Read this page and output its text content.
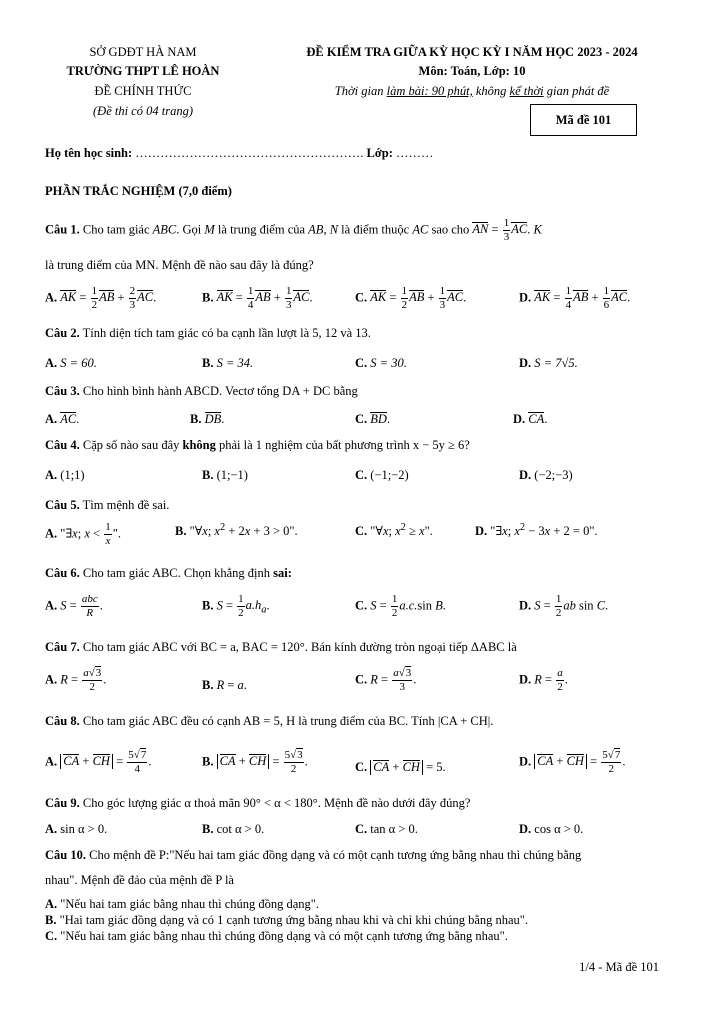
SỞ GDĐT HÀ NAM
TRƯỜNG THPT LÊ HOÀN
ĐỀ CHÍNH THỨC
(Đề thi có 04 trang)
ĐỀ KIỂM TRA GIỮA KỲ HỌC KỲ I NĂM HỌC 2023 - 2024
Môn: Toán, Lớp: 10
Thời gian làm bài: 90 phút, không kể thời gian phát đề
Mã đề 101
Họ tên học sinh: ………………………………………………. Lớp: ………
PHẦN TRẮC NGHIỆM (7,0 điểm)
Câu 1. Cho tam giác ABC. Gọi M là trung điểm của AB, N là điểm thuộc AC sao cho AN = $\frac{1}{3}$ AC. K
là trung điểm của MN. Mệnh đề nào sau đây là đúng?
A. AK = $\frac{1}{2}$ AB + $\frac{2}{3}$ AC.	B. AK = $\frac{1}{4}$ AB + $\frac{1}{3}$ AC.	C. AK = $\frac{1}{2}$ AB + $\frac{1}{3}$ AC.	D. AK = $\frac{1}{4}$ AB + $\frac{1}{6}$ AC.
Câu 2. Tính diện tích tam giác có ba cạnh lần lượt là 5, 12 và 13.
A. S = 60.	B. S = 34.	C. S = 30.	D. S = 7√5.
Câu 3. Cho hình bình hành ABCD. Vectơ tổng DA + DC bằng
A. AC.	B. DB.	C. BD.	D. CA.
Câu 4. Cặp số nào sau đây không phải là 1 nghiệm của bất phương trình x − 5y ≥ 6?
A. (1;1)	B. (1;−1)	C. (−1;−2)	D. (−2;−3)
Câu 5. Tìm mệnh đề sai.
A. "∃x; $x < \frac{1}{x}$ ".	B. "∀x; $x^2 + 2x + 3 > 0$".	C. "∀x; $x^2 \ge x$".	D. "∃x; $x^2 - 3x + 2 = 0$".
Câu 6. Cho tam giác ABC. Chọn khẳng định sai:
A. $S = \frac{\text{abc}}{R}$ .	B. $S = \frac{1}{2} a.h_a$.	C. $S = \frac{1}{2} a.c.\sin$ B.	D. $S = \frac{1}{2}$ ab sin C.
Câu 7. Cho tam giác ABC với BC = a, BAC = 120°. Bán kính đường tròn ngoại tiếp ΔABC là
A. $R = \frac{a√3}{2}$ .	B. R = a.	C. $R = \frac{a√3}{3}$ .	D. $R = \frac{a}{2}$ .
Câu 8. Cho tam giác ABC đều có cạnh AB = 5, H là trung điểm của BC. Tính |CA + CH|.
A. CA + CH = $\frac{5√7}{4}$ .	B. CA + CH = $\frac{5√3}{2}$ .	C. CA + CH = 5.	D. CA + CH = $\frac{5√7}{2}$ .
Câu 9. Cho góc lượng giác α thoả mãn 90° < α < 180°. Mệnh đề nào dưới đây đúng?
A. sin α > 0.	B. cot α > 0.	C. tan α > 0.	D. cos α > 0.
Câu 10. Cho mệnh đề P:"Nếu hai tam giác đồng dạng và có một cạnh tương ứng bằng nhau thì chúng bằng
nhau". Mệnh đề đảo của mệnh đề P là
A. "Nếu hai tam giác bằng nhau thì chúng đồng dạng".
B. "Hai tam giác đồng dạng và có 1 cạnh tương ứng bằng nhau khi và chỉ khi chúng bằng nhau".
C. "Nếu hai tam giác bằng nhau thì chúng đồng dạng và có một cạnh tương ứng bằng nhau".
1/4 - Mã đề 101
